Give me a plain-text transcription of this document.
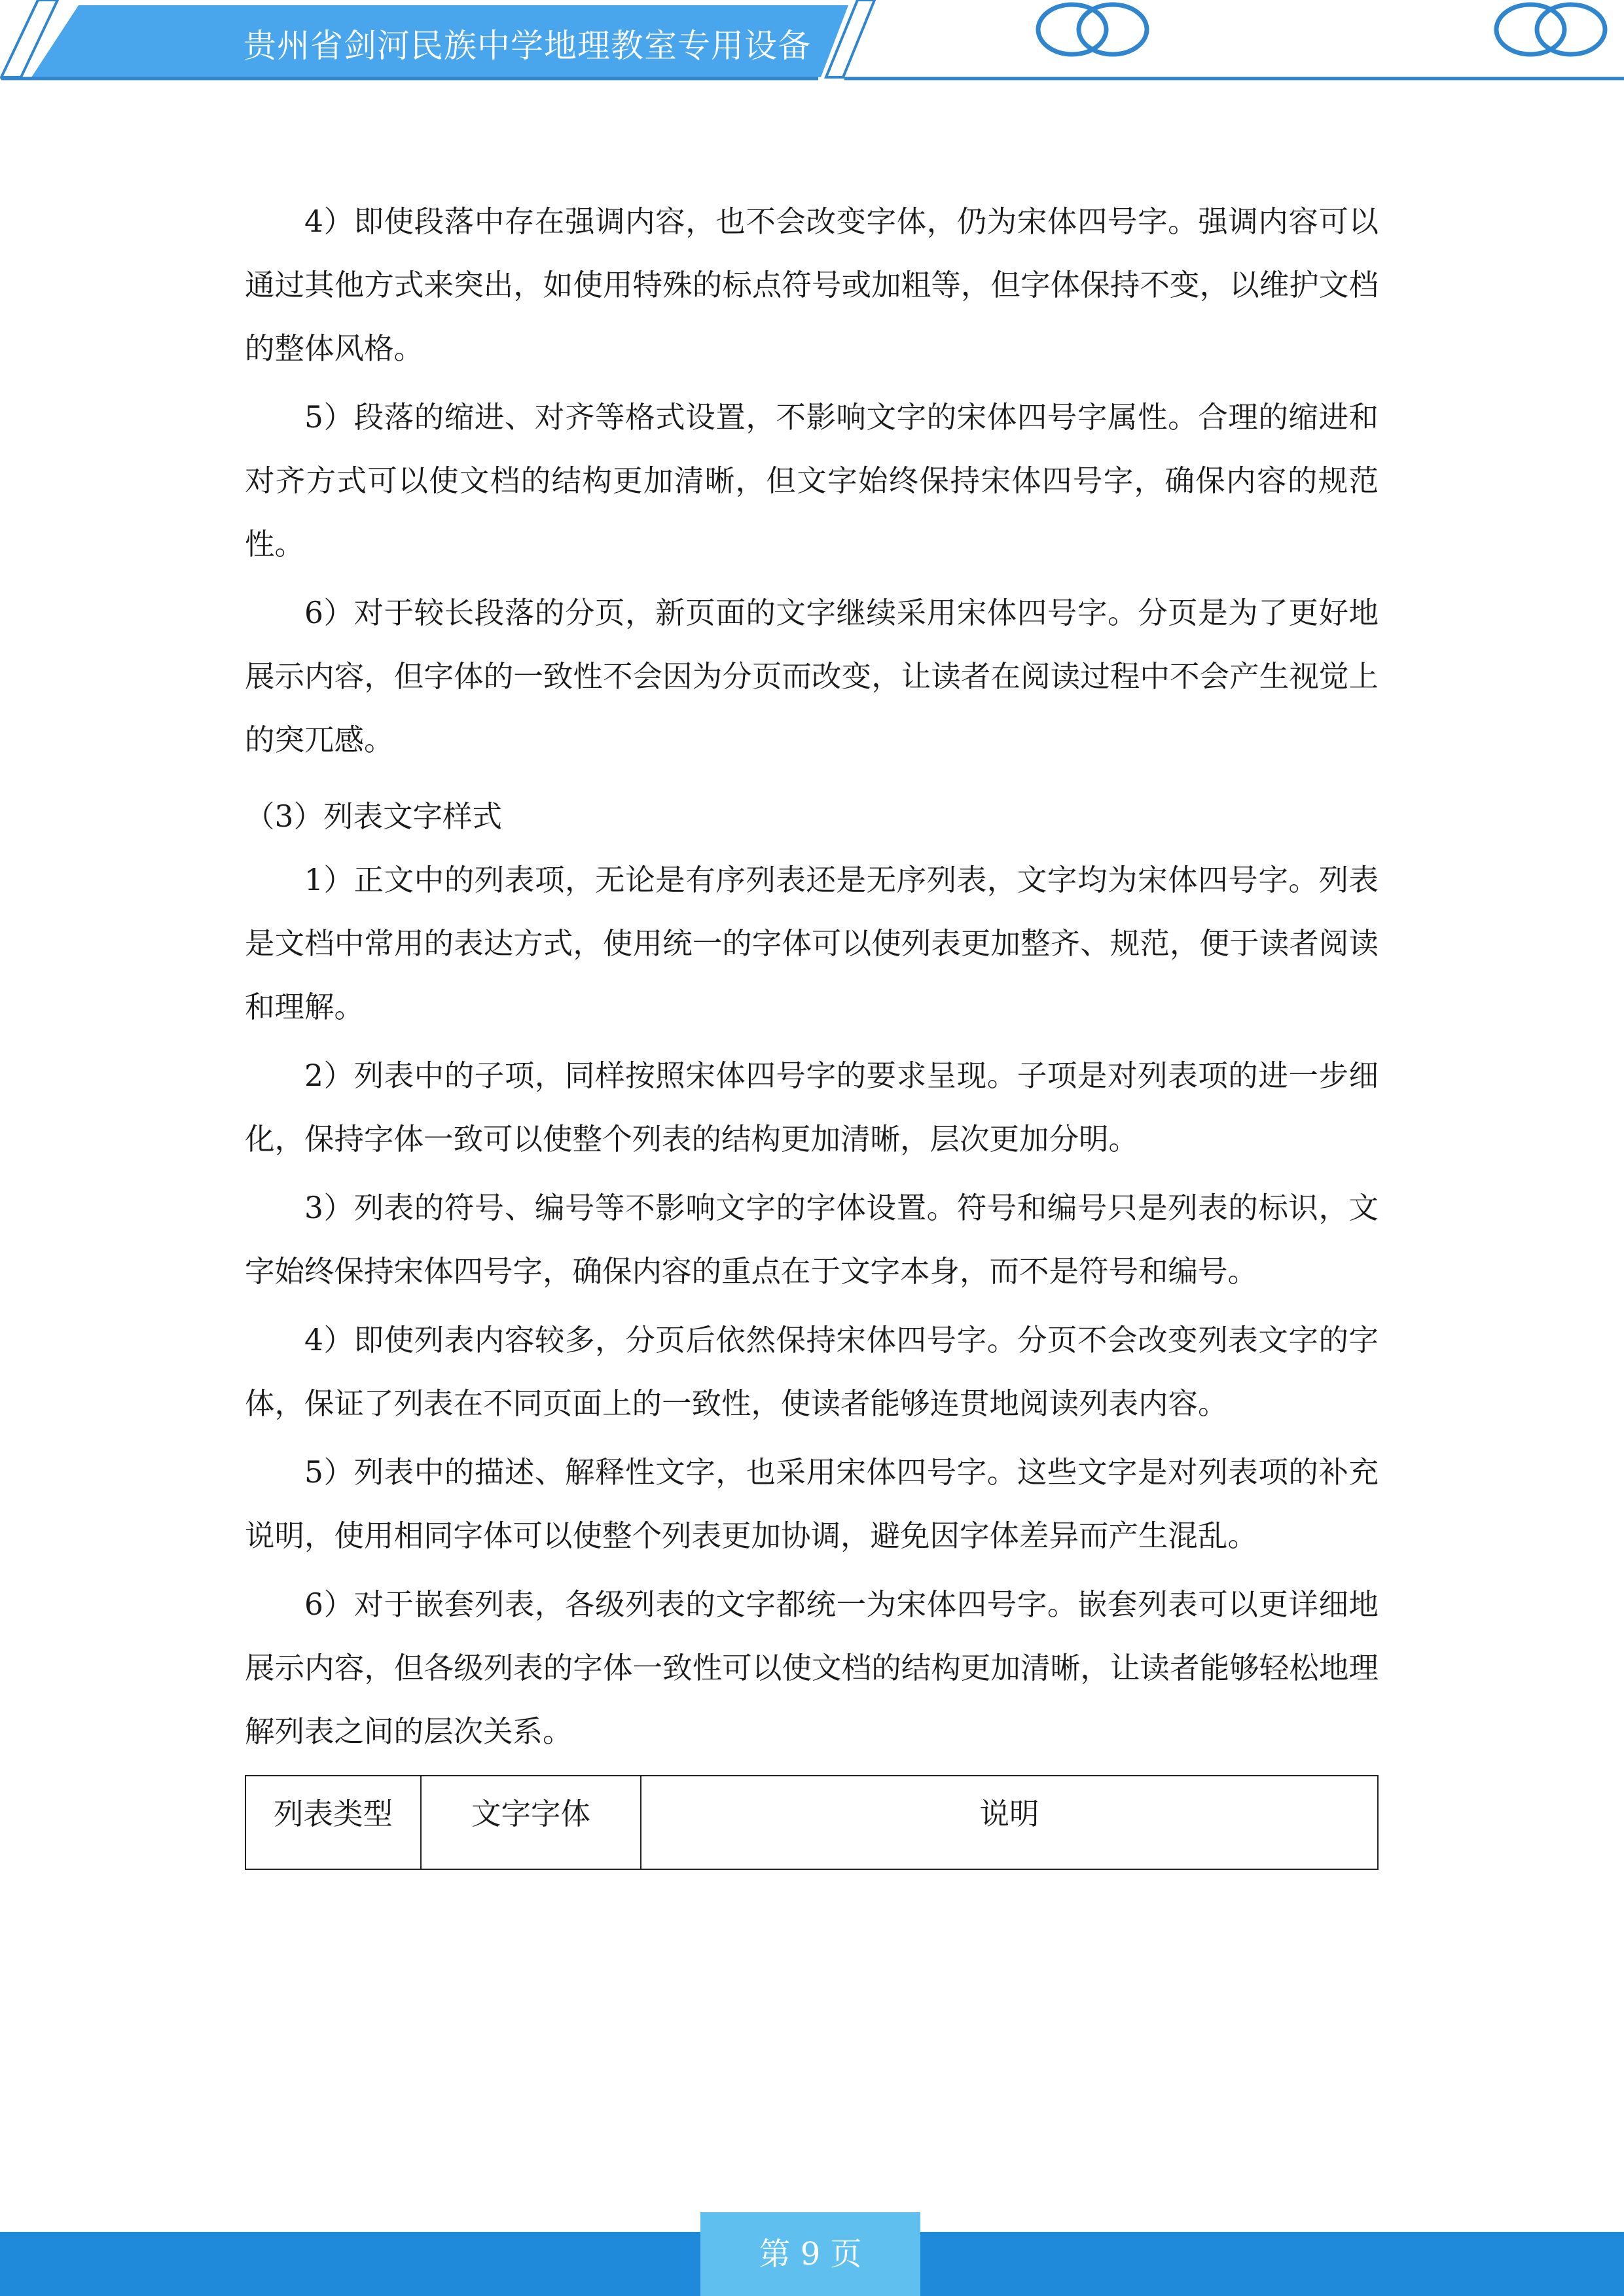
贵州省剑河民族中学地理教室专用设备

4）即使段落中存在强调内容，也不会改变字体，仍为宋体四号字。强调内容可以通过其他方式来突出，如使用特殊的标点符号或加粗等，但字体保持不变，以维护文档的整体风格。

5）段落的缩进、对齐等格式设置，不影响文字的宋体四号字属性。合理的缩进和对齐方式可以使文档的结构更加清晰，但文字始终保持宋体四号字，确保内容的规范性。

6）对于较长段落的分页，新页面的文字继续采用宋体四号字。分页是为了更好地展示内容，但字体的一致性不会因为分页而改变，让读者在阅读过程中不会产生视觉上的突兀感。

（3）列表文字样式

1）正文中的列表项，无论是有序列表还是无序列表，文字均为宋体四号字。列表是文档中常用的表达方式，使用统一的字体可以使列表更加整齐、规范，便于读者阅读和理解。

2）列表中的子项，同样按照宋体四号字的要求呈现。子项是对列表项的进一步细化，保持字体一致可以使整个列表的结构更加清晰，层次更加分明。

3）列表的符号、编号等不影响文字的字体设置。符号和编号只是列表的标识，文字始终保持宋体四号字，确保内容的重点在于文字本身，而不是符号和编号。

4）即使列表内容较多，分页后依然保持宋体四号字。分页不会改变列表文字的字体，保证了列表在不同页面上的一致性，使读者能够连贯地阅读列表内容。

5）列表中的描述、解释性文字，也采用宋体四号字。这些文字是对列表项的补充说明，使用相同字体可以使整个列表更加协调，避免因字体差异而产生混乱。

6）对于嵌套列表，各级列表的文字都统一为宋体四号字。嵌套列表可以更详细地展示内容，但各级列表的字体一致性可以使文档的结构更加清晰，让读者能够轻松地理解列表之间的层次关系。

列表类型	文字字体	说明
第 9 页
